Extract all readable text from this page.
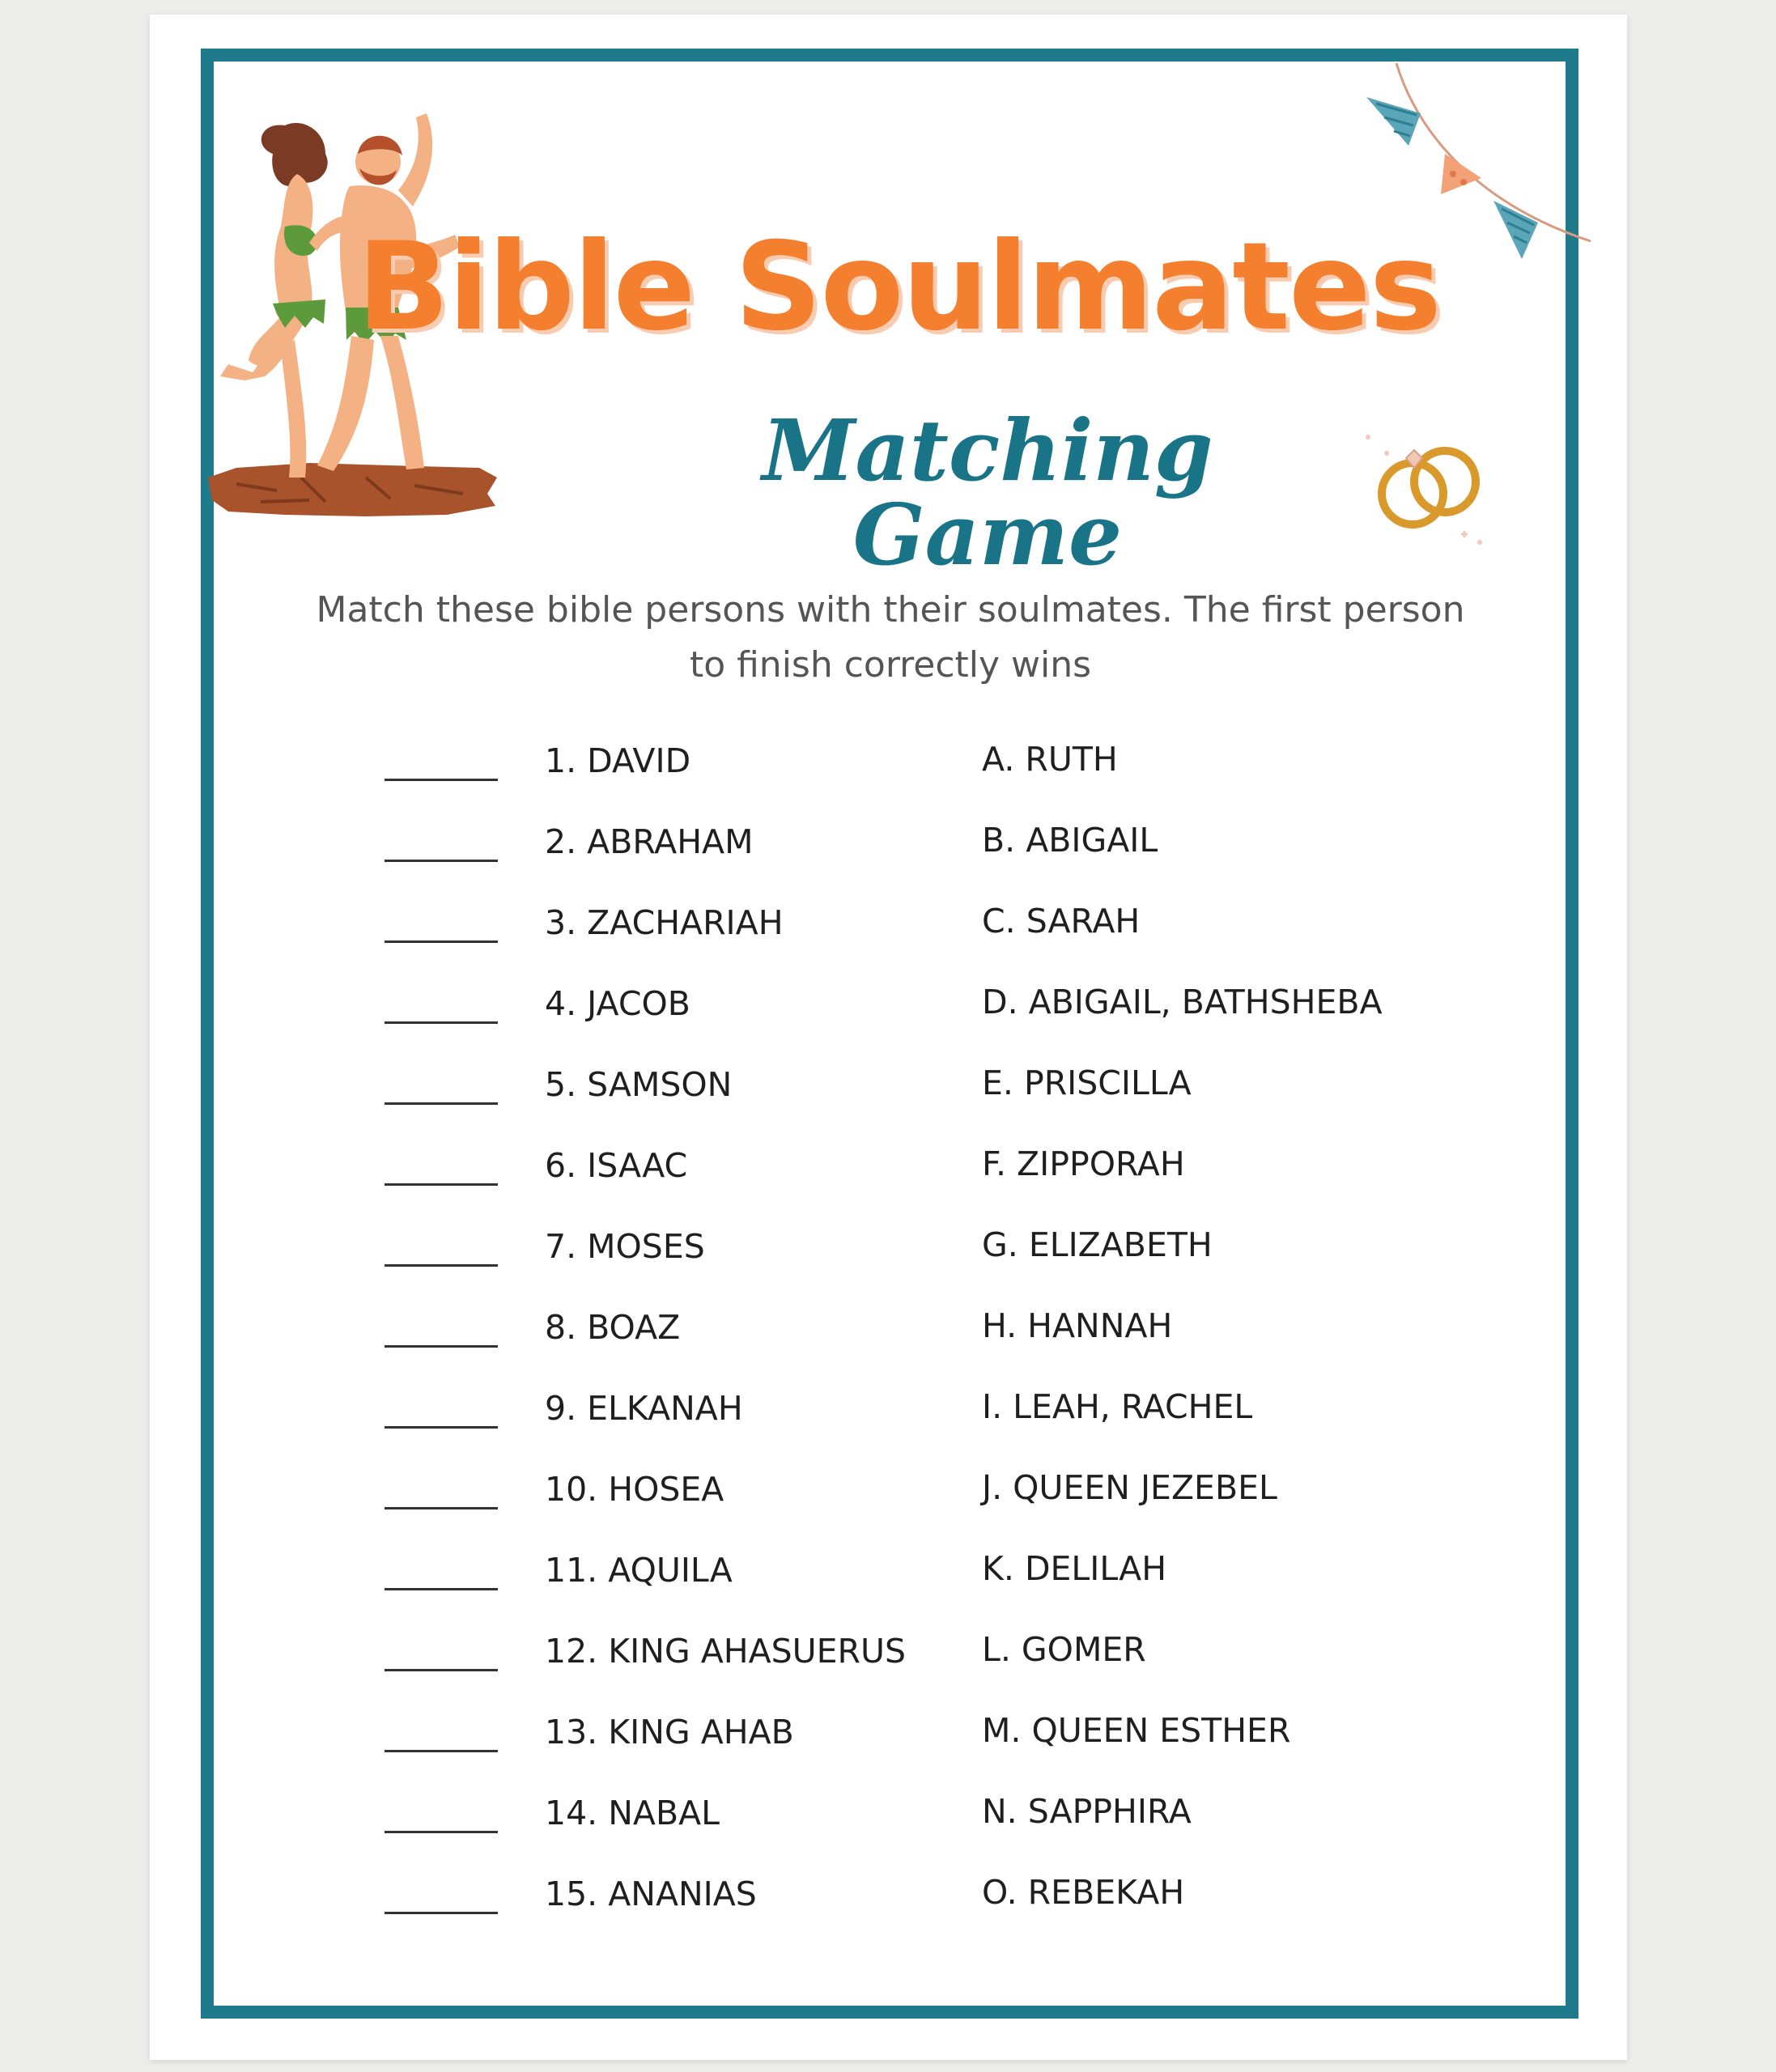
Bible Soulmates
Matching Game
Match these bible persons with their soulmates. The first person
to finish correctly wins
1. DAVID	A. RUTH
2. ABRAHAM	B. ABIGAIL
3. ZACHARIAH	C. SARAH
4. JACOB	D. ABIGAIL, BATHSHEBA
5. SAMSON	E. PRISCILLA
6. ISAAC	F. ZIPPORAH
7. MOSES	G. ELIZABETH
8. BOAZ	H. HANNAH
9. ELKANAH	I. LEAH, RACHEL
10. HOSEA	J. QUEEN JEZEBEL
11. AQUILA	K. DELILAH
12. KING AHASUERUS L. GOMER
13. KING AHAB	M. QUEEN ESTHER
14. NABAL	N. SAPPHIRA
15. ANANIAS	O. REBEKAH
